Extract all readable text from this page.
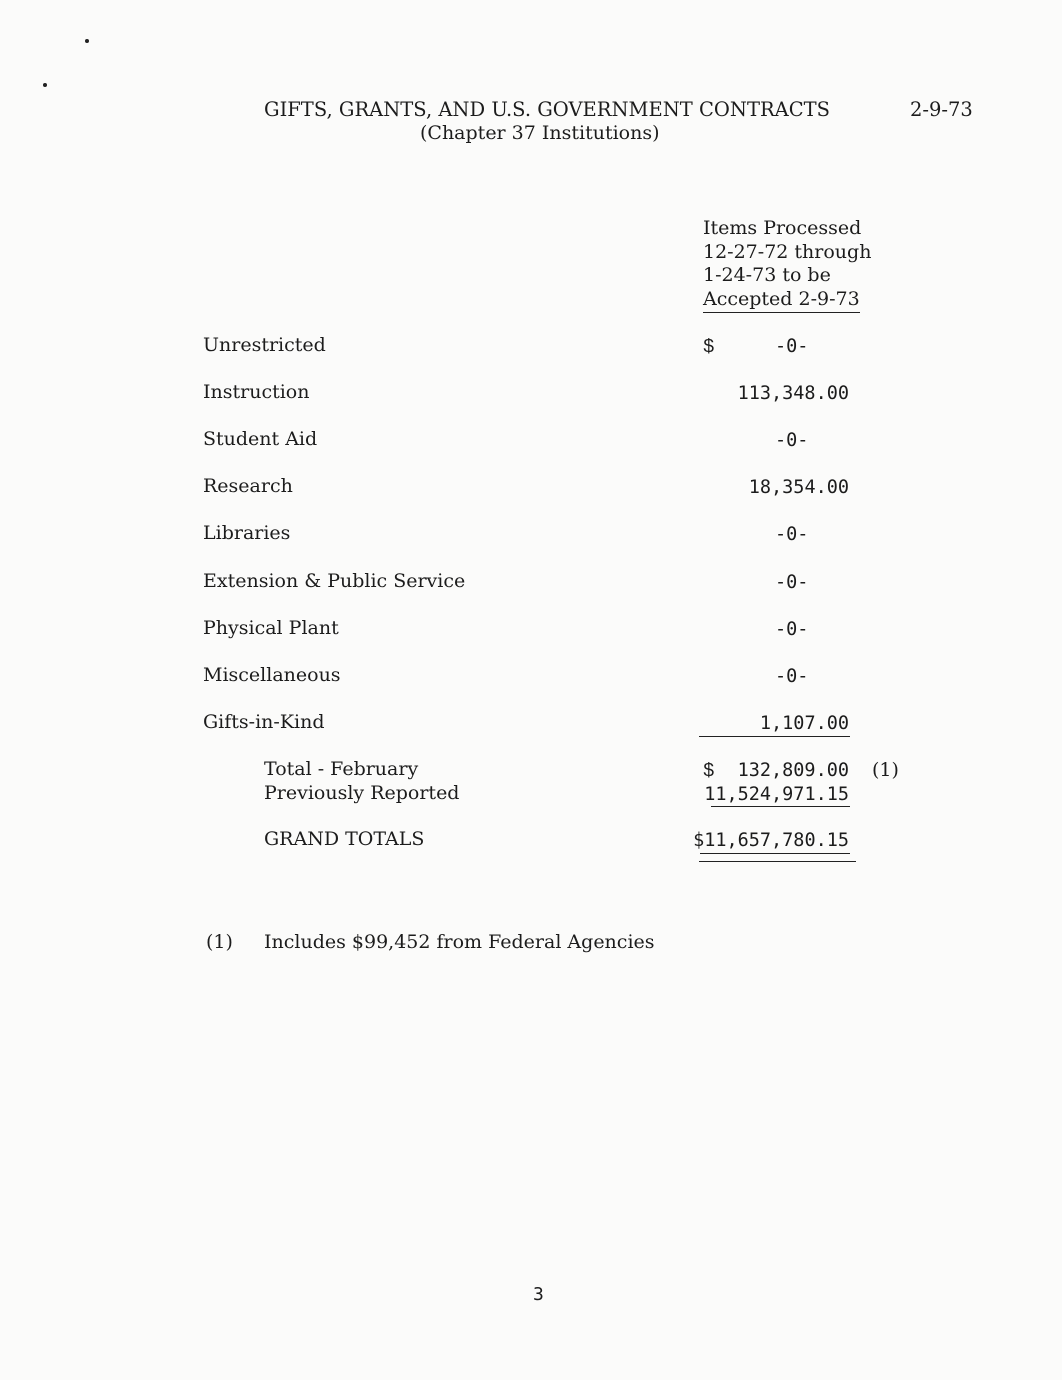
GIFTS, GRANTS, AND U.S. GOVERNMENT CONTRACTS
(Chapter 37 Institutions)
2-9-73
Items Processed
12-27-72 through
1-24-73 to be
Accepted 2-9-73
Unrestricted	$	-0-
Instruction	113,348.00
Student Aid	-0-
Research	18,354.00
Libraries	-0-
Extension & Public Service	-0-
Physical Plant	-0-
Miscellaneous	-0-
Gifts-in-Kind	1,107.00
Total - February	$ 132,809.00 (1)
Previously Reported	11,524,971.15
GRAND TOTALS	$11,657,780.15
(1) Includes $99,452 from Federal Agencies
3
